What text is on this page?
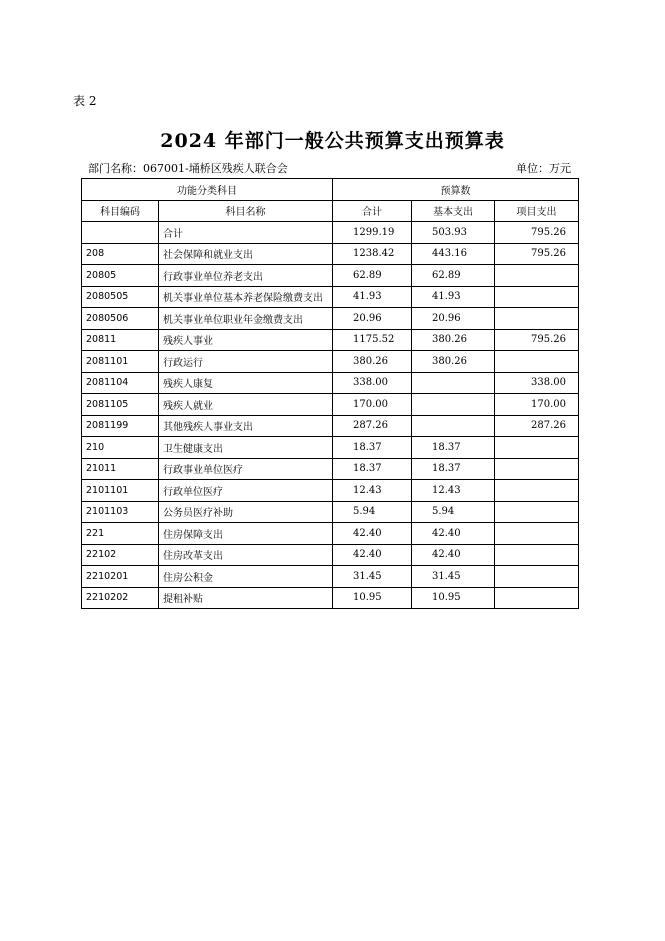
表 2
2024 年部门一般公共预算支出预算表
部门名称：067001-埇桥区残疾人联合会	单位：万元
功能分类科目		预算数		
科目编码	科目名称	合计	基本支出	项目支出
	合计	1299.19	503.93	795.26
208	社会保障和就业支出	1238.42	443.16	795.26
20805	行政事业单位养老支出	62.89	62.89	
2080505	机关事业单位基本养老保险缴费支出	41.93	41.93	
2080506	机关事业单位职业年金缴费支出	20.96	20.96	
20811	残疾人事业	1175.52	380.26	795.26
2081101	行政运行	380.26	380.26	
2081104	残疾人康复	338.00		338.00
2081105	残疾人就业	170.00		170.00
2081199	其他残疾人事业支出	287.26		287.26
210	卫生健康支出	18.37	18.37	
21011	行政事业单位医疗	18.37	18.37	
2101101	行政单位医疗	12.43	12.43	
2101103	公务员医疗补助	5.94	5.94	
221	住房保障支出	42.40	42.40	
22102	住房改革支出	42.40	42.40	
2210201	住房公积金	31.45	31.45	
2210202	提租补贴	10.95	10.95	
